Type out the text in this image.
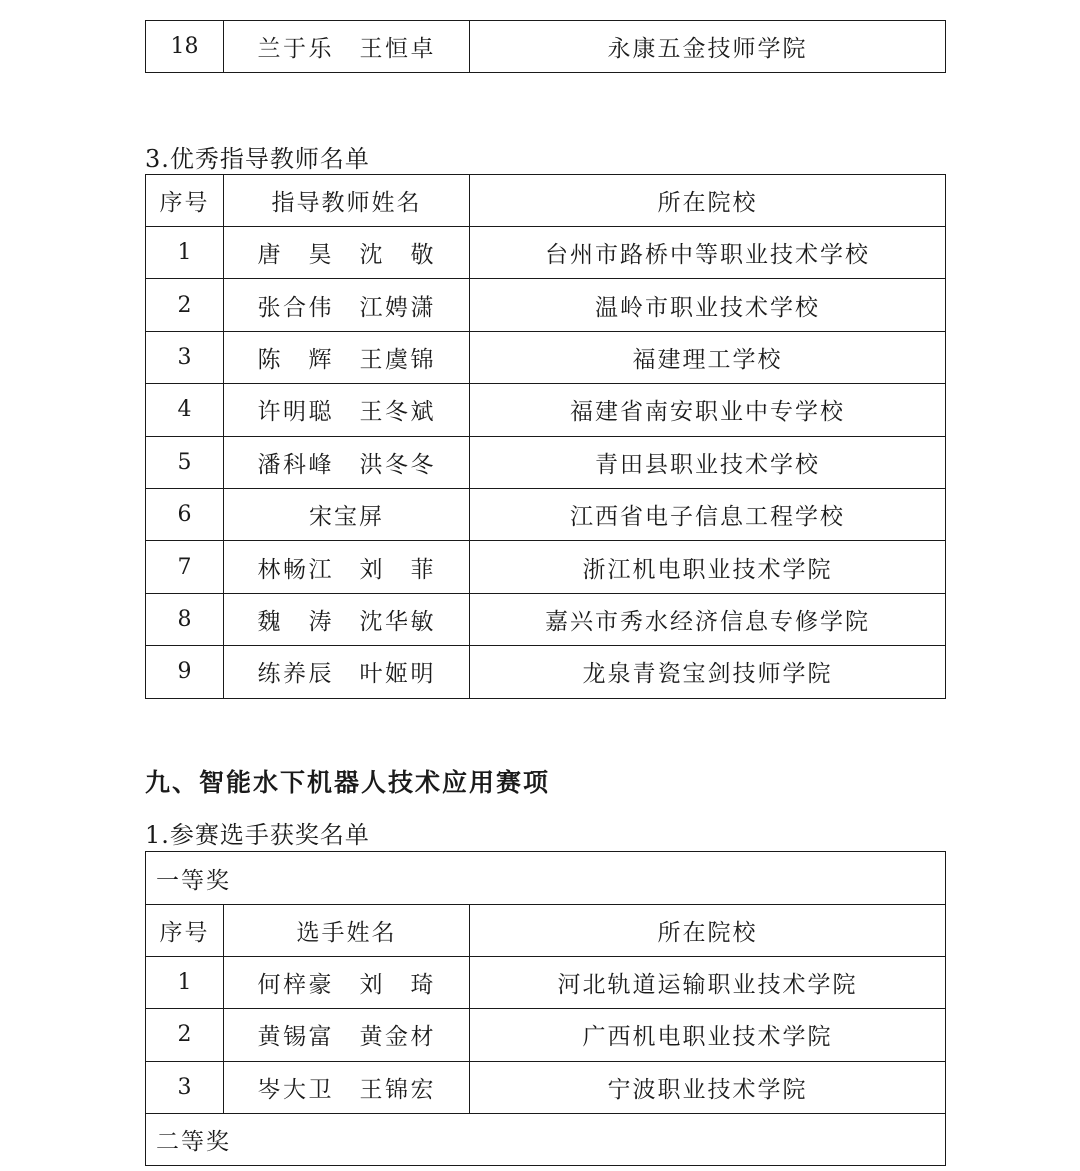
18	兰于乐 王恒卓	永康五金技师学院
3.优秀指导教师名单
序号	指导教师姓名	所在院校
1	唐 昊 沈 敬	台州市路桥中等职业技术学校
2	张合伟 江娉潇	温岭市职业技术学校
3	陈 辉 王虞锦	福建理工学校
4	许明聪 王冬斌	福建省南安职业中专学校
5	潘科峰 洪冬冬	青田县职业技术学校
6	宋宝屏	江西省电子信息工程学校
7	林畅江 刘 菲	浙江机电职业技术学院
8	魏 涛 沈华敏	嘉兴市秀水经济信息专修学院
9	练养辰 叶姬明	龙泉青瓷宝剑技师学院
九、智能水下机器人技术应用赛项
1.参赛选手获奖名单
一等奖		
序号	选手姓名	所在院校
1	何梓豪 刘 琦	河北轨道运输职业技术学院
2	黄锡富 黄金材	广西机电职业技术学院
3	岑大卫 王锦宏	宁波职业技术学院
二等奖		
